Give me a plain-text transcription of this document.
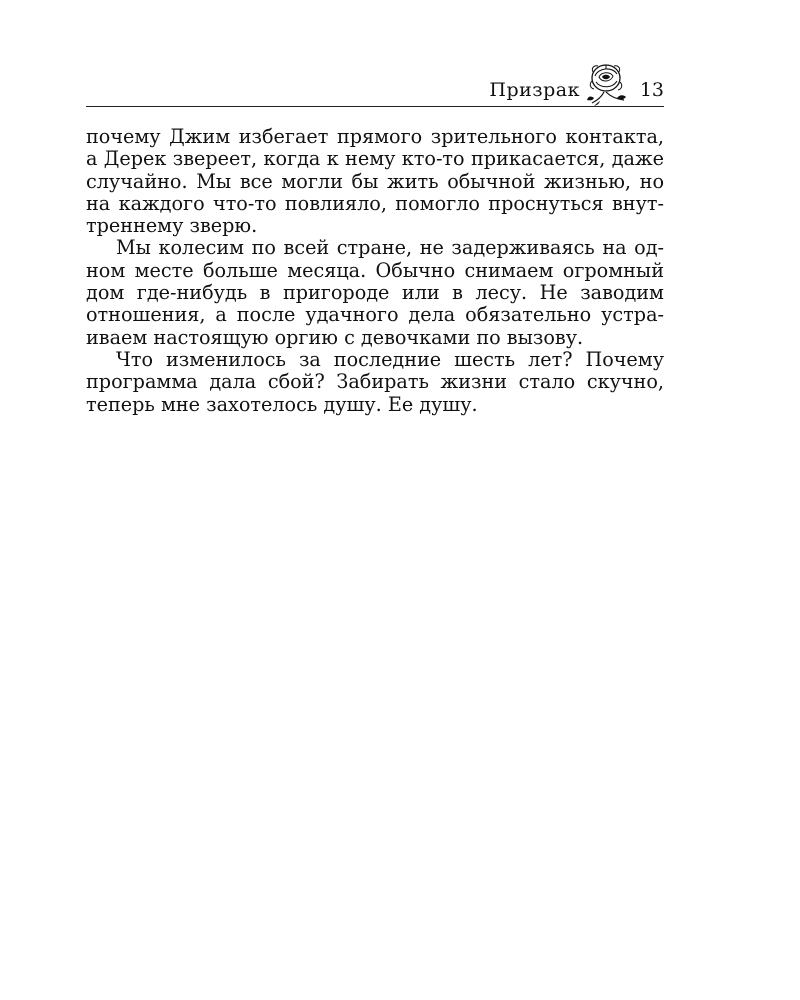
Призрак	13

почему Джим избегает прямого зрительного контакта,
а Дерек звереет, когда к нему кто-то прикасается, даже
случайно. Мы все могли бы жить обычной жизнью, но
на каждого что-то повлияло, помогло проснуться внут-
треннему зверю.

Мы колесим по всей стране, не задерживаясь на од-
ном месте больше месяца. Обычно снимаем огромный
дом где-нибудь в пригороде или в лесу. Не заводим
отношения, а после удачного дела обязательно устра-
иваем настоящую оргию с девочками по вызову.

Что изменилось за последние шесть лет? Почему
программа дала сбой? Забирать жизни стало скучно,
теперь мне захотелось душу. Ее душу.
